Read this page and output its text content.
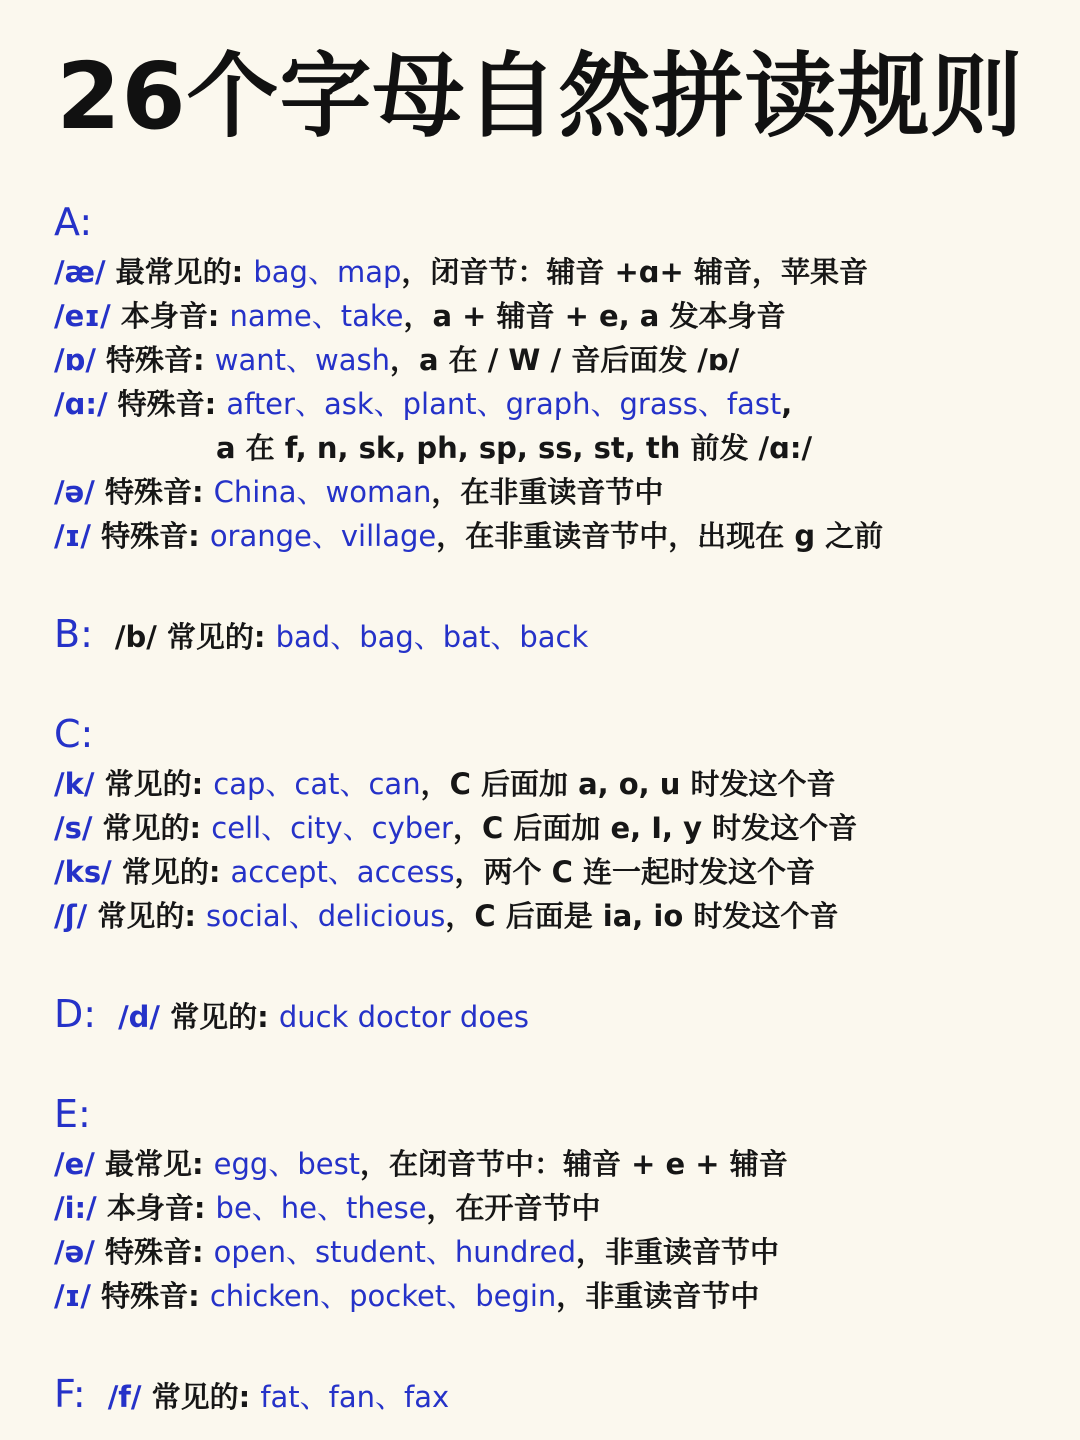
26个字母自然拼读规则
A:
/æ/ 最常见的: bag、map，闭音节：辅音 +ɑ+ 辅音，苹果音
/eɪ/ 本身音: name、take，a + 辅音 + e, a 发本身音
/ɒ/ 特殊音: want、wash，a 在 / W / 音后面发 /ɒ/
/ɑ:/ 特殊音: after、ask、plant、graph、grass、fast,
a 在 f, n, sk, ph, sp, ss, st, th 前发 /ɑ:/
/ə/ 特殊音: China、woman，在非重读音节中
/ɪ/ 特殊音: orange、village，在非重读音节中，出现在 g 之前
B: /b/ 常见的: bad、bag、bat、back
C:
/k/ 常见的: cap、cat、can，C 后面加 a, o, u 时发这个音
/s/ 常见的: cell、city、cyber，C 后面加 e, I, y 时发这个音
/ks/ 常见的: accept、access，两个 C 连一起时发这个音
/ʃ/ 常见的: social、delicious，C 后面是 ia, io 时发这个音
D: /d/ 常见的: duck doctor does
E:
/e/ 最常见: egg、best，在闭音节中：辅音 + e + 辅音
/i:/ 本身音: be、he、these，在开音节中
/ə/ 特殊音: open、student、hundred，非重读音节中
/ɪ/ 特殊音: chicken、pocket、begin，非重读音节中
F: /f/ 常见的: fat、fan、fax
